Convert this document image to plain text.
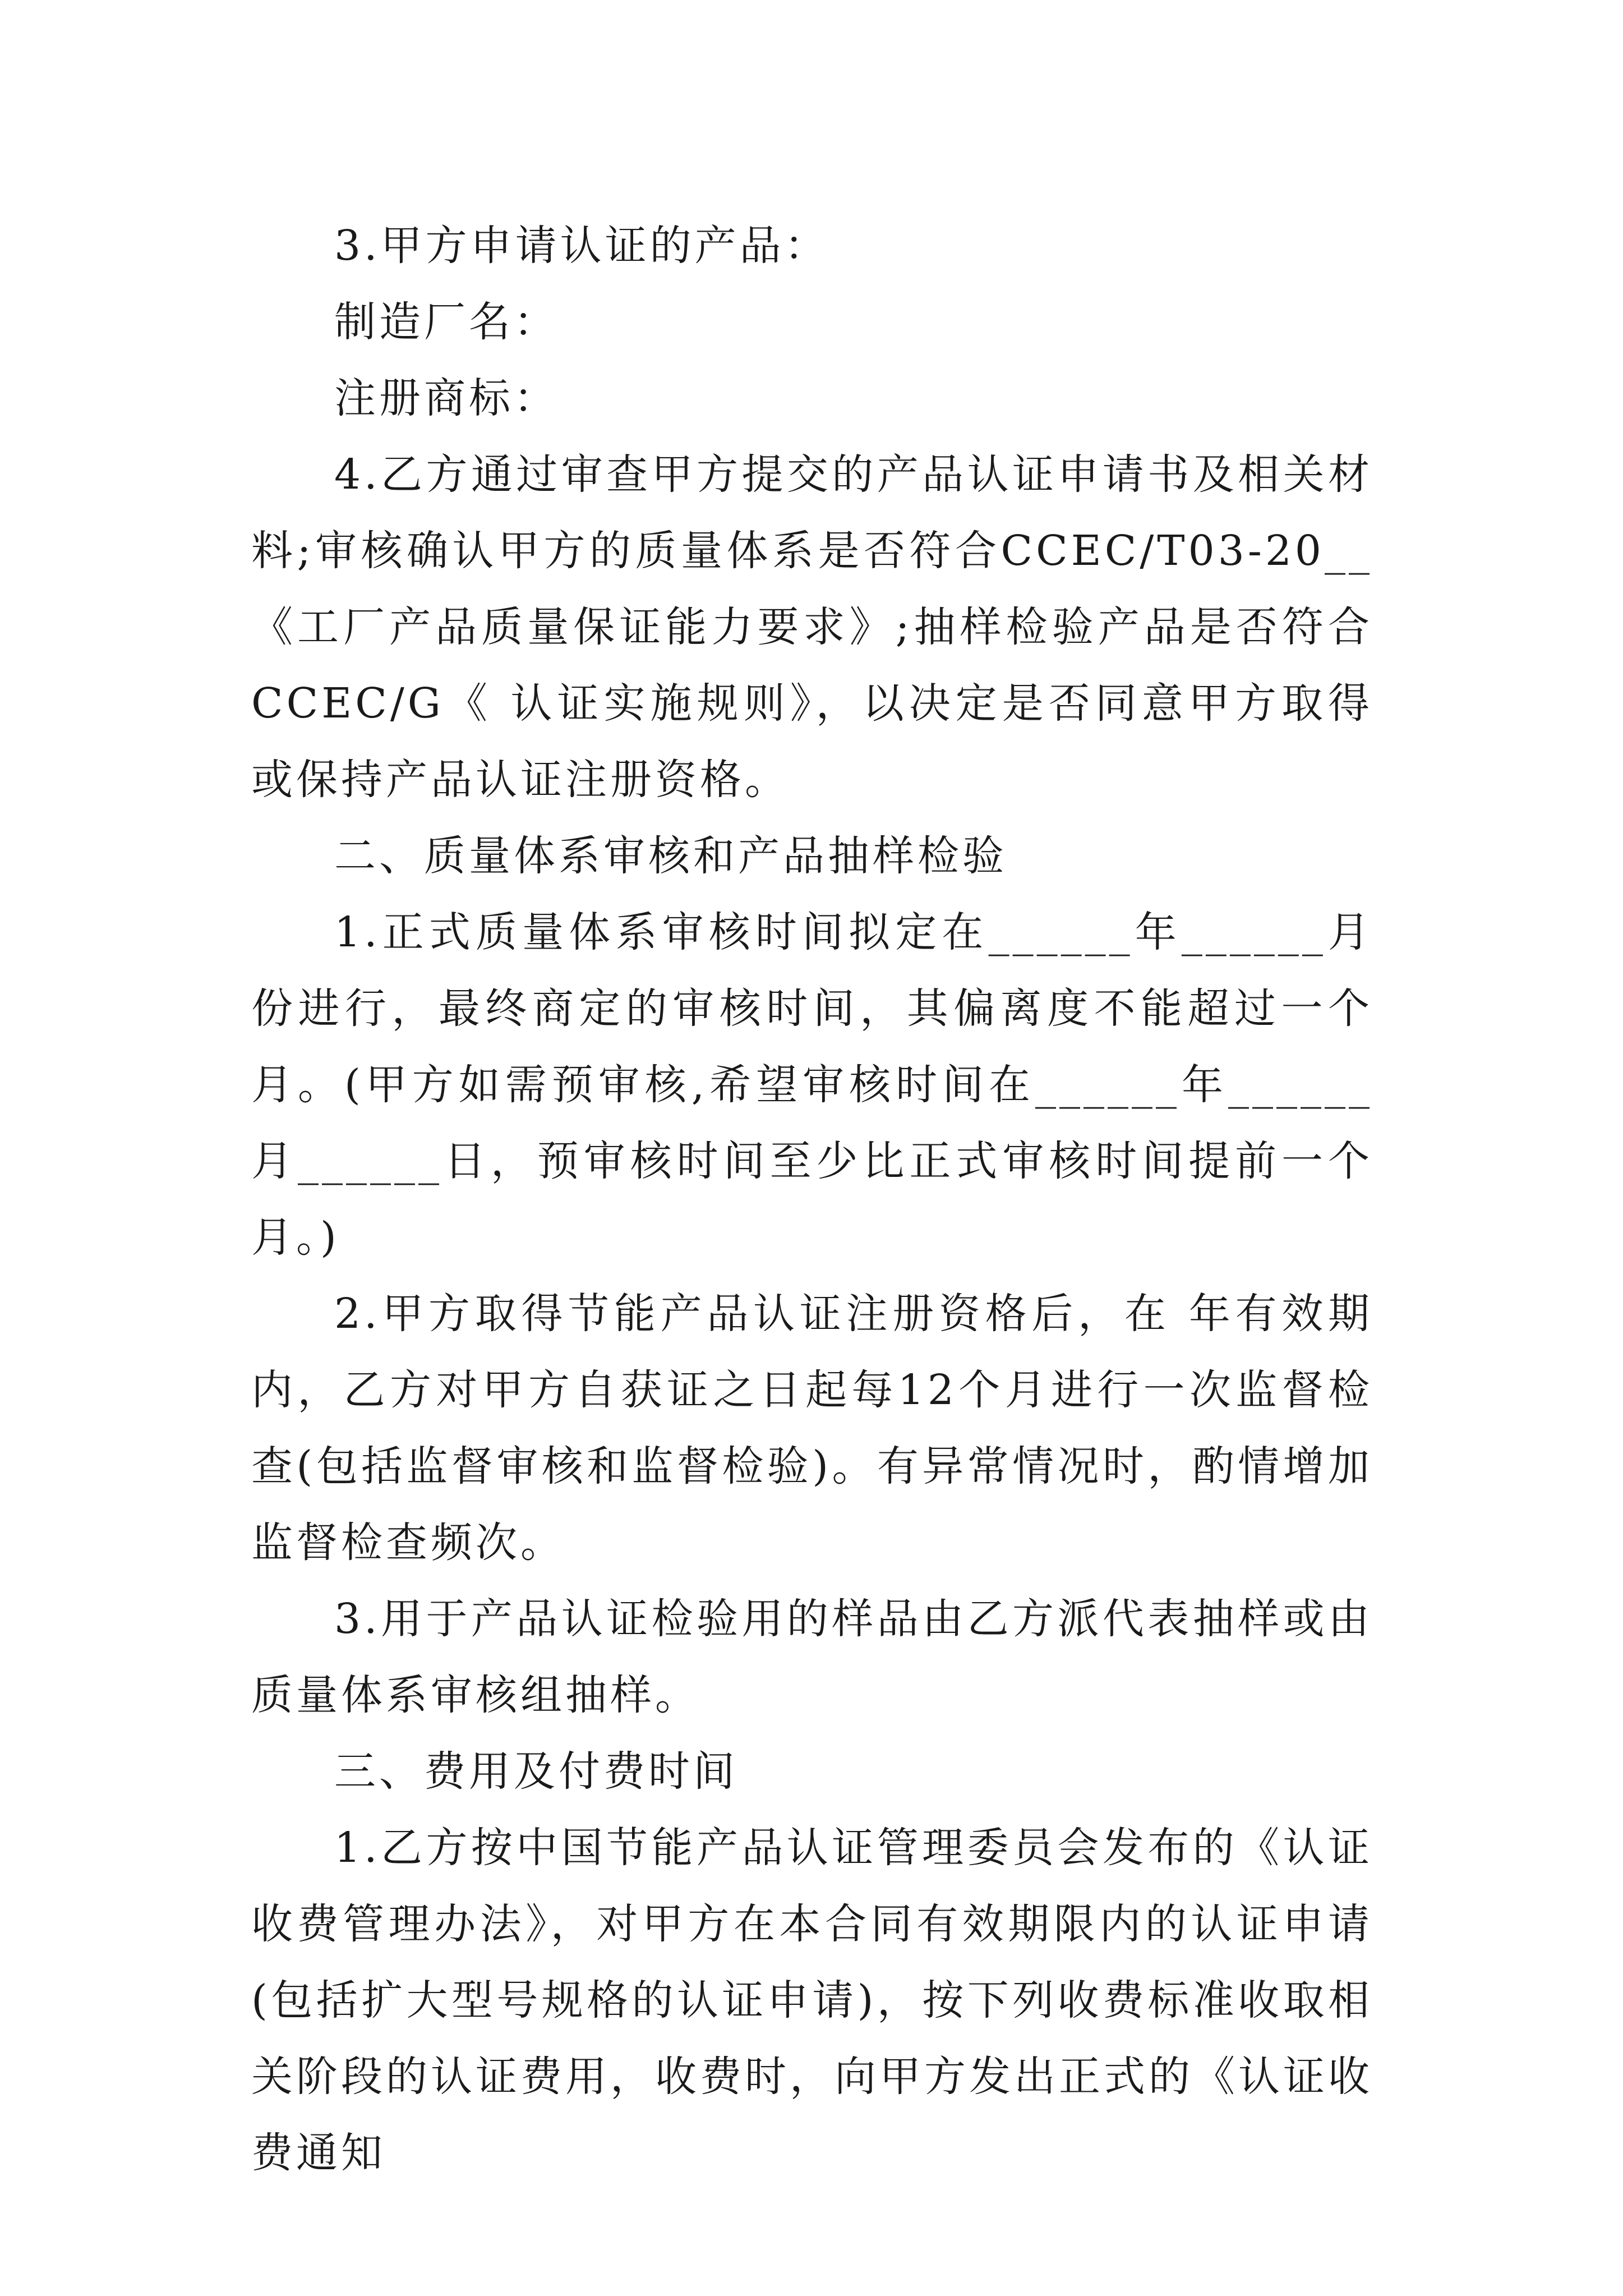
3.甲方申请认证的产品：

制造厂名：

注册商标：

4.乙方通过审查甲方提交的产品认证申请书及相关材料;审核确认甲方的质量体系是否符合CCEC/T03-20__《工厂产品质量保证能力要求》;抽样检验产品是否符合CCEC/G《 认证实施规则》，以决定是否同意甲方取得或保持产品认证注册资格。

二、质量体系审核和产品抽样检验

1.正式质量体系审核时间拟定在______年______月份进行，最终商定的审核时间，其偏离度不能超过一个月。(甲方如需预审核,希望审核时间在______年______月______日，预审核时间至少比正式审核时间提前一个月。)

2.甲方取得节能产品认证注册资格后，在 年有效期内，乙方对甲方自获证之日起每12个月进行一次监督检查(包括监督审核和监督检验)。有异常情况时，酌情增加监督检查频次。

3.用于产品认证检验用的样品由乙方派代表抽样或由质量体系审核组抽样。

三、费用及付费时间

1.乙方按中国节能产品认证管理委员会发布的《认证收费管理办法》，对甲方在本合同有效期限内的认证申请(包括扩大型号规格的认证申请)，按下列收费标准收取相关阶段的认证费用，收费时，向甲方发出正式的《认证收费通知
